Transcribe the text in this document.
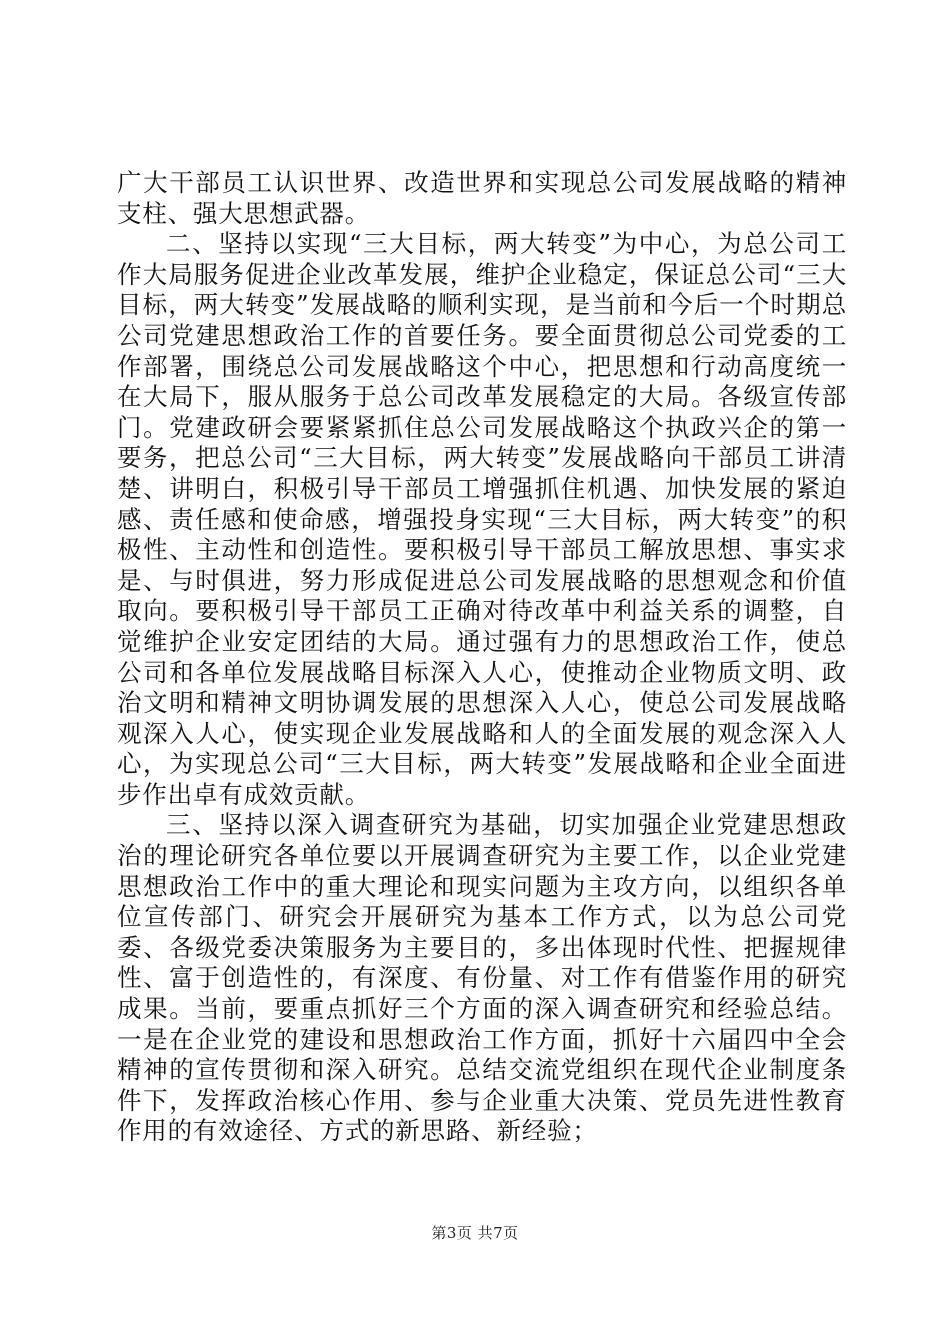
广大干部员工认识世界、改造世界和实现总公司发展战略的精神支柱、强大思想武器。

二、坚持以实现“三大目标，两大转变”为中心，为总公司工作大局服务促进企业改革发展，维护企业稳定，保证总公司“三大目标，两大转变”发展战略的顺利实现，是当前和今后一个时期总公司党建思想政治工作的首要任务。要全面贯彻总公司党委的工作部署，围绕总公司发展战略这个中心，把思想和行动高度统一在大局下，服从服务于总公司改革发展稳定的大局。各级宣传部门。党建政研会要紧紧抓住总公司发展战略这个执政兴企的第一要务，把总公司“三大目标，两大转变”发展战略向干部员工讲清楚、讲明白，积极引导干部员工增强抓住机遇、加快发展的紧迫感、责任感和使命感，增强投身实现“三大目标，两大转变”的积极性、主动性和创造性。要积极引导干部员工解放思想、事实求是、与时俱进，努力形成促进总公司发展战略的思想观念和价值取向。要积极引导干部员工正确对待改革中利益关系的调整，自觉维护企业安定团结的大局。通过强有力的思想政治工作，使总公司和各单位发展战略目标深入人心，使推动企业物质文明、政治文明和精神文明协调发展的思想深入人心，使总公司发展战略观深入人心，使实现企业发展战略和人的全面发展的观念深入人心，为实现总公司“三大目标，两大转变”发展战略和企业全面进步作出卓有成效贡献。

三、坚持以深入调查研究为基础，切实加强企业党建思想政治的理论研究各单位要以开展调查研究为主要工作，以企业党建思想政治工作中的重大理论和现实问题为主攻方向，以组织各单位宣传部门、研究会开展研究为基本工作方式，以为总公司党委、各级党委决策服务为主要目的，多出体现时代性、把握规律性、富于创造性的，有深度、有份量、对工作有借鉴作用的研究成果。当前，要重点抓好三个方面的深入调查研究和经验总结。一是在企业党的建设和思想政治工作方面，抓好十六届四中全会精神的宣传贯彻和深入研究。总结交流党组织在现代企业制度条件下，发挥政治核心作用、参与企业重大决策、党员先进性教育作用的有效途径、方式的新思路、新经验；

第3页 共7页
